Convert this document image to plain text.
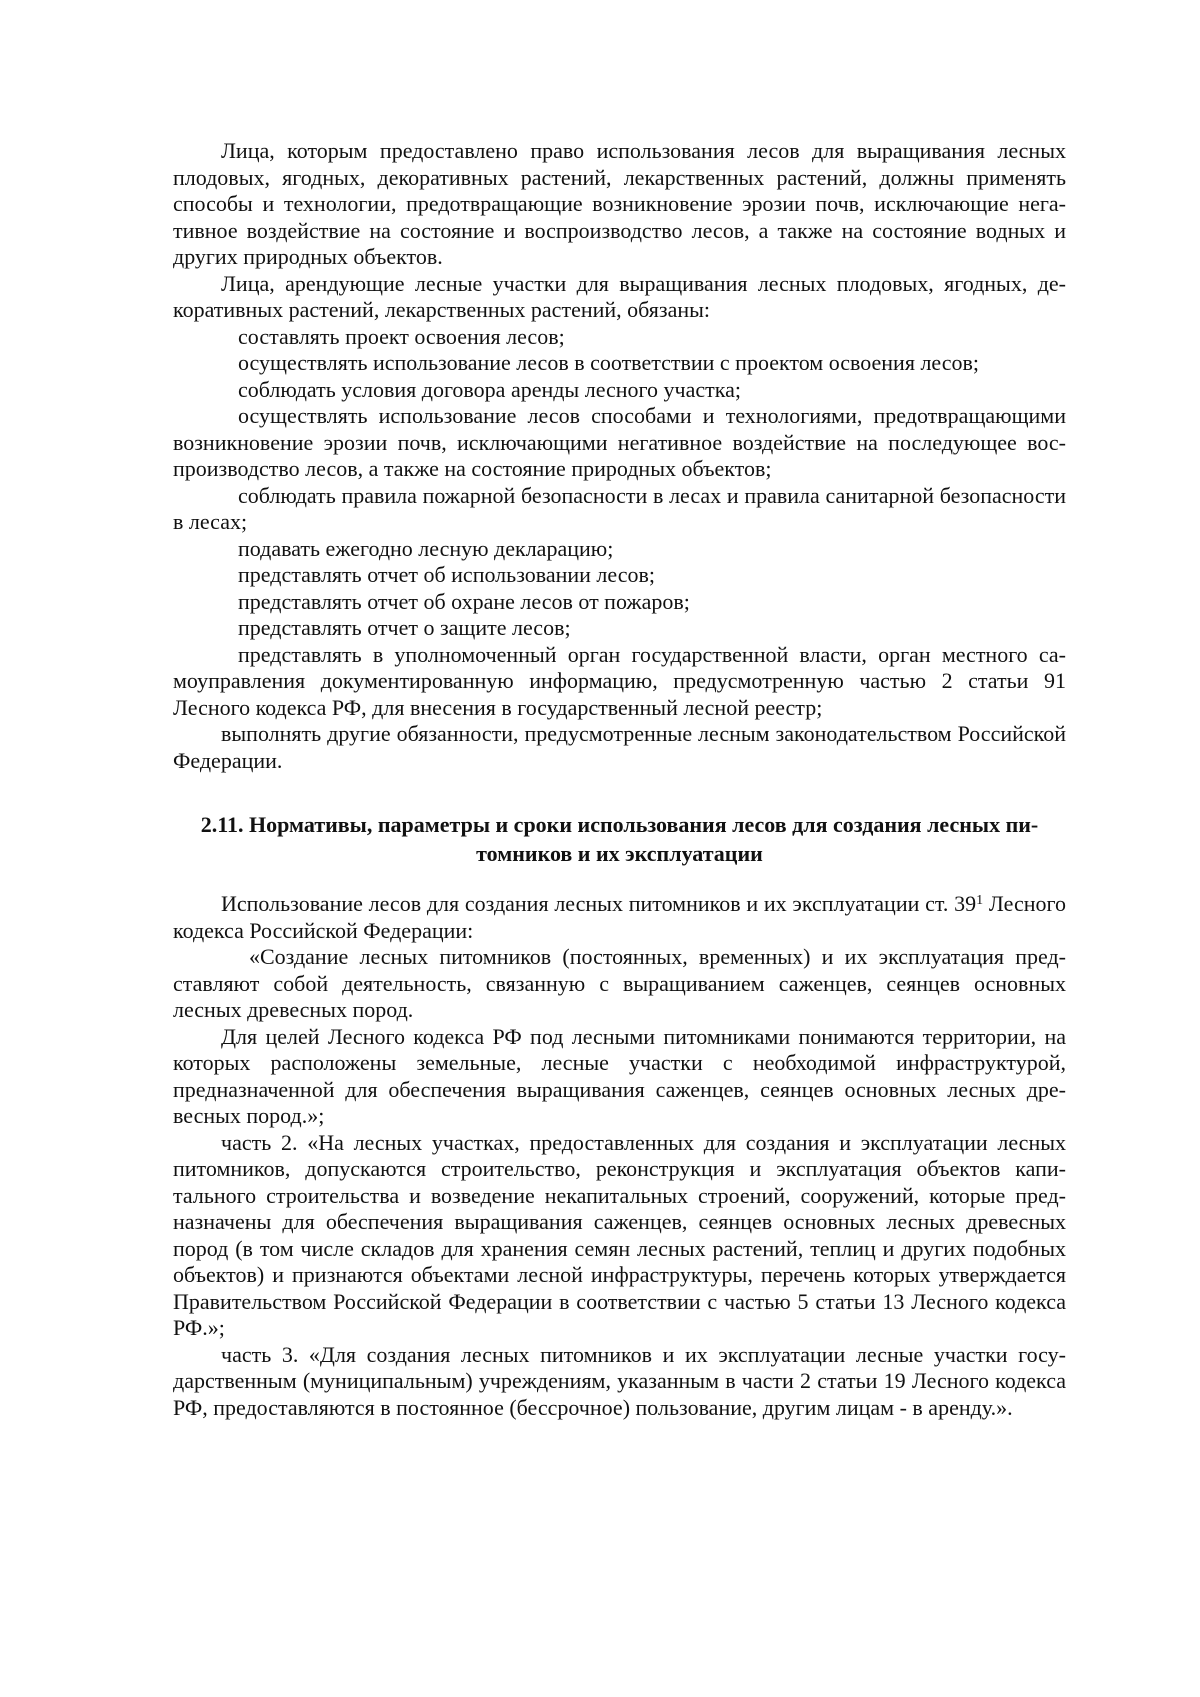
Лица, которым предоставлено право использования лесов для выращивания лесных плодовых, ягодных, декоративных растений, лекарственных растений, должны применять способы и технологии, предотвращающие возникновение эрозии почв, исключающие негативное воздействие на состояние и воспроизводство лесов, а также на состояние водных и других природных объектов.

Лица, арендующие лесные участки для выращивания лесных плодовых, ягодных, декоративных растений, лекарственных растений, обязаны:

составлять проект освоения лесов;

осуществлять использование лесов в соответствии с проектом освоения лесов;

соблюдать условия договора аренды лесного участка;

осуществлять использование лесов способами и технологиями, предотвращающими возникновение эрозии почв, исключающими негативное воздействие на последующее воспроизводство лесов, а также на состояние природных объектов;

соблюдать правила пожарной безопасности в лесах и правила санитарной безопасности в лесах;

подавать ежегодно лесную декларацию;

представлять отчет об использовании лесов;

представлять отчет об охране лесов от пожаров;

представлять отчет о защите лесов;

представлять в уполномоченный орган государственной власти, орган местного самоуправления документированную информацию, предусмотренную частью 2 статьи 91 Лесного кодекса РФ, для внесения в государственный лесной реестр;

выполнять другие обязанности, предусмотренные лесным законодательством Российской Федерации.

2.11. Нормативы, параметры и сроки использования лесов для создания лесных питомников и их эксплуатации

Использование лесов для создания лесных питомников и их эксплуатации ст. $39^1$ Лесного кодекса Российской Федерации:

«Создание лесных питомников (постоянных, временных) и их эксплуатация представляют собой деятельность, связанную с выращиванием саженцев, сеянцев основных лесных древесных пород.

Для целей Лесного кодекса РФ под лесными питомниками понимаются территории, на которых расположены земельные, лесные участки с необходимой инфраструктурой, предназначенной для обеспечения выращивания саженцев, сеянцев основных лесных древесных пород.»;

часть 2. «На лесных участках, предоставленных для создания и эксплуатации лесных питомников, допускаются строительство, реконструкция и эксплуатация объектов капитального строительства и возведение некапитальных строений, сооружений, которые предназначены для обеспечения выращивания саженцев, сеянцев основных лесных древесных пород (в том числе складов для хранения семян лесных растений, теплиц и других подобных объектов) и признаются объектами лесной инфраструктуры, перечень которых утверждается Правительством Российской Федерации в соответствии с частью 5 статьи 13 Лесного кодекса РФ.»;

часть 3. «Для создания лесных питомников и их эксплуатации лесные участки государственным (муниципальным) учреждениям, указанным в части 2 статьи 19 Лесного кодекса РФ, предоставляются в постоянное (бессрочное) пользование, другим лицам - в аренду.».
